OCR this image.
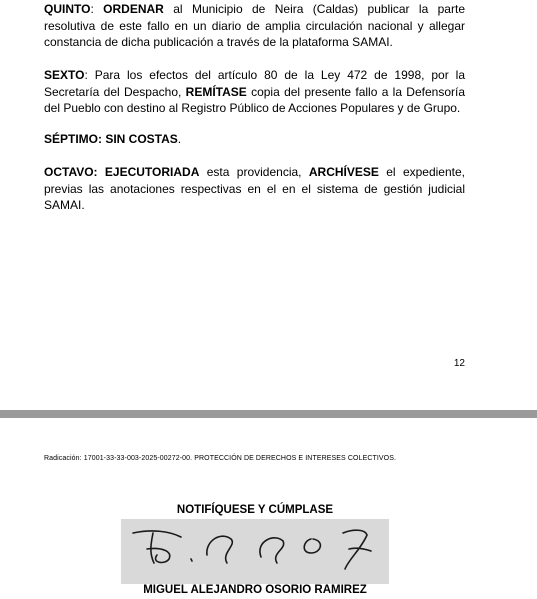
QUINTO: ORDENAR al Municipio de Neira (Caldas) publicar la parte resolutiva de este fallo en un diario de amplia circulación nacional y allegar constancia de dicha publicación a través de la plataforma SAMAI.

SEXTO: Para los efectos del artículo 80 de la Ley 472 de 1998, por la Secretaría del Despacho, REMÍTASE copia del presente fallo a la Defensoría del Pueblo con destino al Registro Público de Acciones Populares y de Grupo.

SÉPTIMO: SIN COSTAS.

OCTAVO: EJECUTORIADA esta providencia, ARCHÍVESE el expediente, previas las anotaciones respectivas en el en el sistema de gestión judicial SAMAI.

12
Radicación: 17001-33-33-003-2025-00272-00. PROTECCIÓN DE DERECHOS E INTERESES COLECTIVOS.
NOTIFÍQUESE Y CÚMPLASE
MIGUEL ALEJANDRO OSORIO RAMIREZ
